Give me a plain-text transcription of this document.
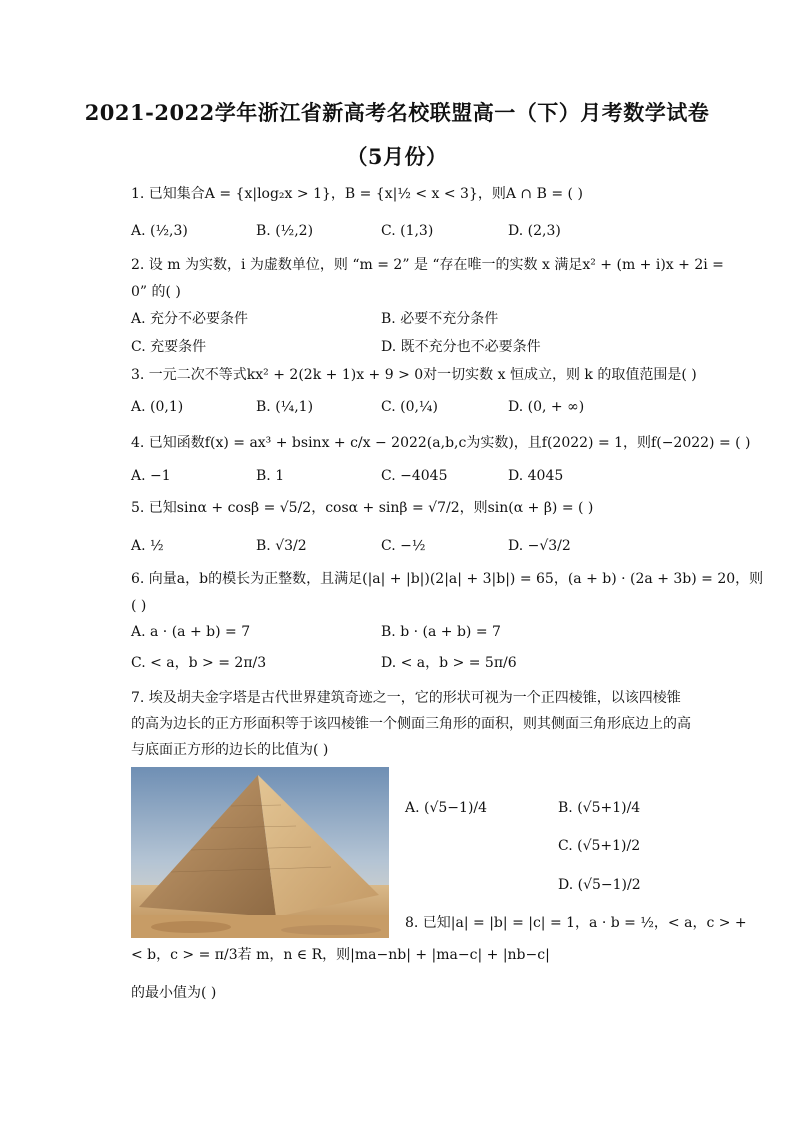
2021-2022学年浙江省新高考名校联盟高一（下）月考数学试卷
（5月份）
1. 已知集合A = {x|log₂x > 1}，B = {x|½ < x < 3}，则A ∩ B = ( )
A. (½,3)	B. (½,2)	C. (1,3)	D. (2,3)
2. 设 m 为实数，i 为虚数单位，则 “m = 2” 是 “存在唯一的实数 x 满足x² + (m + i)x + 2i =
0” 的( )
A. 充分不必要条件	B. 必要不充分条件
C. 充要条件	D. 既不充分也不必要条件
3. 一元二次不等式kx² + 2(2k + 1)x + 9 > 0对一切实数 x 恒成立，则 k 的取值范围是( )
A. (0,1)	B. (¼,1)	C. (0,¼)	D. (0, + ∞)
4. 已知函数f(x) = ax³ + bsinx + c/x − 2022(a,b,c为实数)，且f(2022) = 1，则f(−2022) = ( )
A. −1	B. 1	C. −4045	D. 4045
5. 已知sinα + cosβ = √5/2，cosα + sinβ = √7/2，则sin(α + β) = ( )
A. ½	B. √3/2	C. −½	D. −√3/2
6. 向量a，b的模长为正整数，且满足(|a| + |b|)(2|a| + 3|b|) = 65，(a + b) · (2a + 3b) = 20，则
( )
A. a · (a + b) = 7	B. b · (a + b) = 7
C. < a，b > = 2π/3	D. < a，b > = 5π/6
7. 埃及胡夫金字塔是古代世界建筑奇迹之一，它的形状可视为一个正四棱锥，以该四棱锥
的高为边长的正方形面积等于该四棱锥一个侧面三角形的面积，则其侧面三角形底边上的高
与底面正方形的边长的比值为( )
A. (√5−1)/4	B. (√5+1)/4
C. (√5+1)/2
D. (√5−1)/2
8. 已知|a| = |b| = |c| = 1，a · b = ½，< a，c > +
< b，c > = π/3若 m，n ∈ R，则|ma−nb| + |ma−c| + |nb−c|
的最小值为( )
